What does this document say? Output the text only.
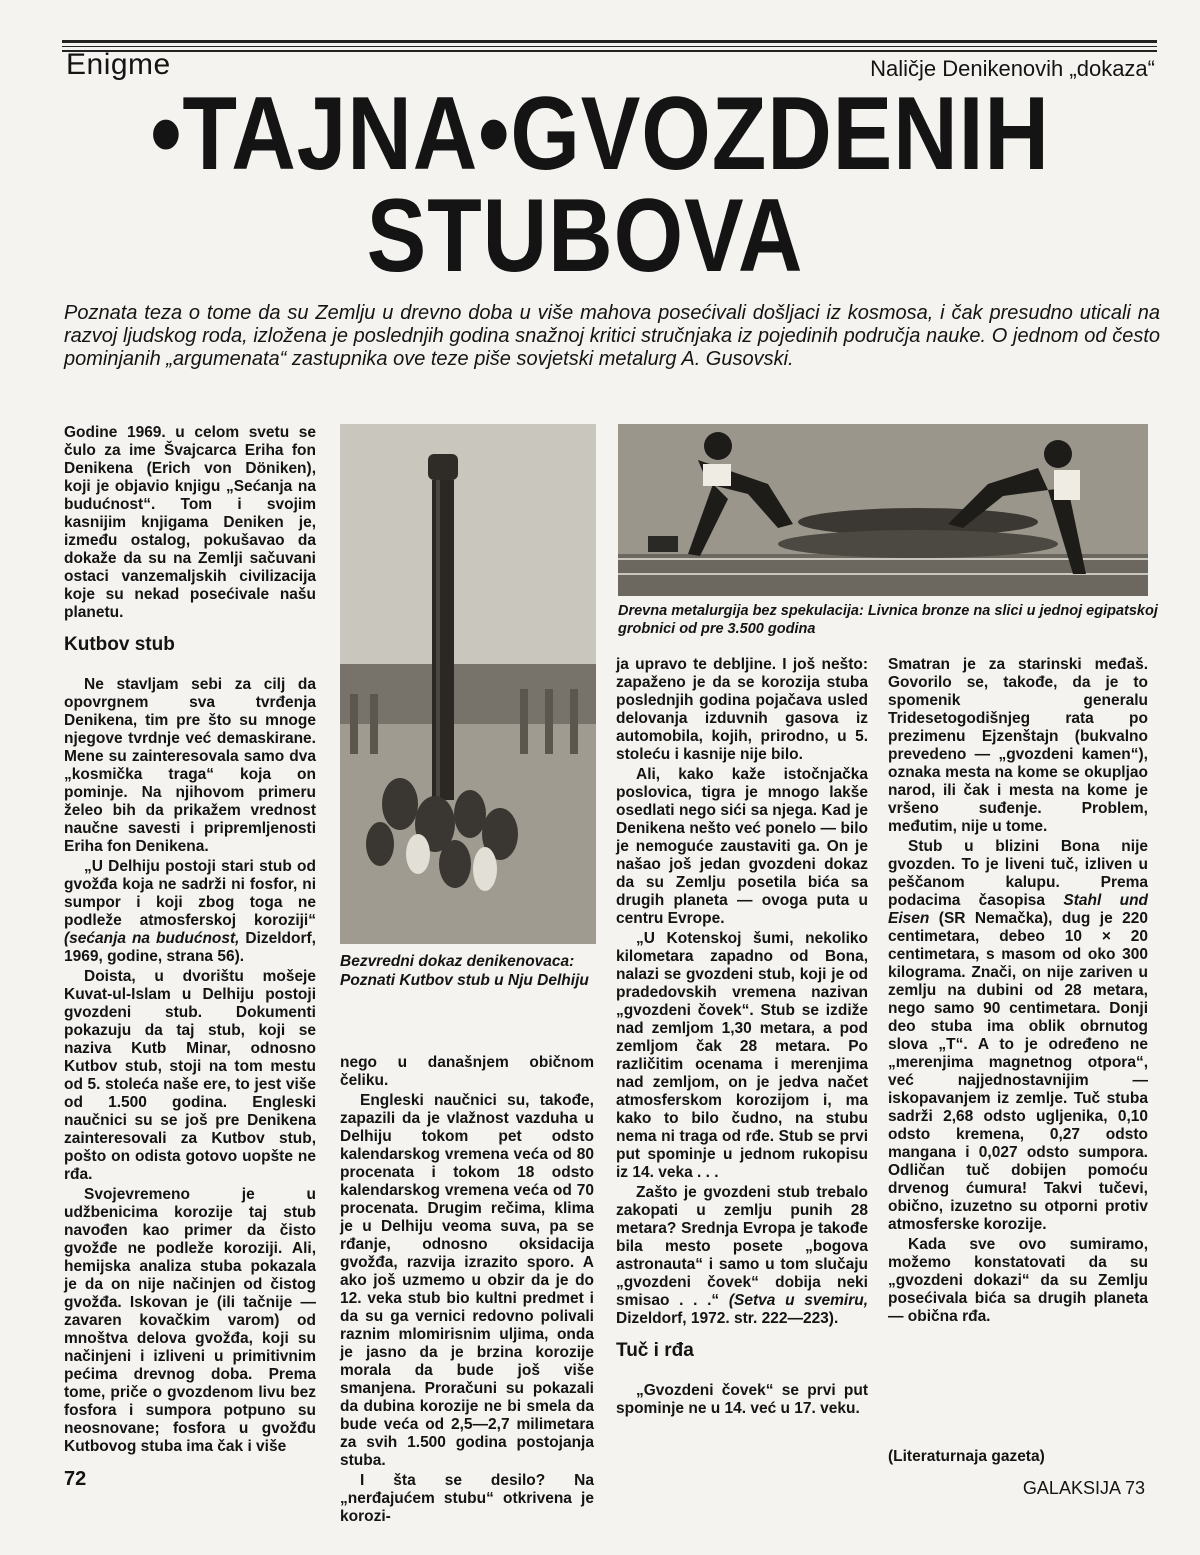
Enigme	Naličje Denikenovih „dokaza“
•TAJNA•GVOZDENIH
STUBOVA
Poznata teza o tome da su Zemlju u drevno doba u više mahova posećivali došljaci iz kosmosa, i čak presudno uticali na razvoj ljudskog roda, izložena je poslednjih godina snažnoj kritici stručnjaka iz pojedinih područja nauke. O jednom od često pominjanih „argumenata“ zastupnika ove teze piše sovjetski metalurg A. Gusovski.

Godine 1969. u celom svetu se čulo za ime Švajcarca Eriha fon Denikena (Erich von Döniken), koji je objavio knjigu „Sećanja na budućnost“. Tom i svojim kasnijim knjigama Deniken je, između ostalog, pokušavao da dokaže da su na Zemlji sačuvani ostaci vanzemaljskih civilizacija koje su nekad posećivale našu planetu.

Kutbov stub

Ne stavljam sebi za cilj da opovrgnem sva tvrđenja Denikena, tim pre što su mnoge njegove tvrdnje već demaskirane. Mene su zainteresovala samo dva „kosmička traga“ koja on pominje. Na njihovom primeru želeo bih da prikažem vrednost naučne savesti i pripremljenosti Eriha fon Denikena.

„U Delhiju postoji stari stub od gvožđa koja ne sadrži ni fosfor, ni sumpor i koji zbog toga ne podleže atmosferskoj koroziji“ (sećanja na budućnost, Dizeldorf, 1969, godine, strana 56).

Doista, u dvorištu mošeje Kuvat-ul-Islam u Delhiju postoji gvozdeni stub. Dokumenti pokazuju da taj stub, koji se naziva Kutb Minar, odnosno Kutbov stub, stoji na tom mestu od 5. stoleća naše ere, to jest više od 1.500 godina. Engleski naučnici su se još pre Denikena zainteresovali za Kutbov stub, pošto on odista gotovo uopšte ne rđa.

Svojevremeno je u udžbenicima korozije taj stub navođen kao primer da čisto gvožđe ne podleže koroziji. Ali, hemijska analiza stuba pokazala je da on nije načinjen od čistog gvožđa. Iskovan je (ili tačnije — zavaren kovačkim varom) od mnoštva delova gvožđa, koji su načinjeni i izliveni u primitivnim pećima drevnog doba. Prema tome, priče o gvozdenom livu bez fosfora i sumpora potpuno su neosnovane; fosfora u gvožđu Kutbovog stuba ima čak i više

Bezvredni dokaz denikenovaca: Poznati Kutbov stub u Nju Delhiju
Drevna metalurgija bez spekulacija: Livnica bronze na slici u jednoj egipatskoj grobnici od pre 3.500 godina

nego u današnjem običnom čeliku.

Engleski naučnici su, takođe, zapazili da je vlažnost vazduha u Delhiju tokom pet odsto kalendarskog vremena veća od 80 procenata i tokom 18 odsto kalendarskog vremena veća od 70 procenata. Drugim rečima, klima je u Delhiju veoma suva, pa se rđanje, odnosno oksidacija gvožđa, razvija izrazito sporo. A ako još uzmemo u obzir da je do 12. veka stub bio kultni predmet i da su ga vernici redovno polivali raznim mlomirisnim uljima, onda je jasno da je brzina korozije morala da bude još više smanjena. Proračuni su pokazali da dubina korozije ne bi smela da bude veća od 2,5—2,7 milimetara za svih 1.500 godina postojanja stuba.

I šta se desilo? Na „nerđajućem stubu“ otkrivena je korozi-

ja upravo te debljine. I još nešto: zapaženo je da se korozija stuba poslednjih godina pojačava usled delovanja izduvnih gasova iz automobila, kojih, prirodno, u 5. stoleću i kasnije nije bilo.

Ali, kako kaže istočnjačka poslovica, tigra je mnogo lakše osedlati nego sići sa njega. Kad je Denikena nešto već ponelo — bilo je nemoguće zaustaviti ga. On je našao još jedan gvozdeni dokaz da su Zemlju posetila bića sa drugih planeta — ovoga puta u centru Evrope.

„U Kotenskoj šumi, nekoliko kilometara zapadno od Bona, nalazi se gvozdeni stub, koji je od pradedovskih vremena nazivan „gvozdeni čovek“. Stub se izdiže nad zemljom 1,30 metara, a pod zemljom čak 28 metara. Po različitim ocenama i merenjima nad zemljom, on je jedva načet atmosferskom korozijom i, ma kako to bilo čudno, na stubu nema ni traga od rđe. Stub se prvi put spominje u jednom rukopisu iz 14. veka . . .

Zašto je gvozdeni stub trebalo zakopati u zemlju punih 28 metara? Srednja Evropa je takođe bila mesto posete „bogova astronauta“ i samo u tom slučaju „gvozdeni čovek“ dobija neki smisao . . .“ (Setva u svemiru, Dizeldorf, 1972. str. 222—223).

Tuč i rđa

„Gvozdeni čovek“ se prvi put spominje ne u 14. već u 17. veku.

Smatran je za starinski međaš. Govorilo se, takođe, da je to spomenik generalu Tridesetogodišnjeg rata po prezimenu Ejzenštajn (bukvalno prevedeno — „gvozdeni kamen“), oznaka mesta na kome se okupljao narod, ili čak i mesta na kome je vršeno suđenje. Problem, međutim, nije u tome.

Stub u blizini Bona nije gvozden. To je liveni tuč, izliven u peščanom kalupu. Prema podacima časopisa Stahl und Eisen (SR Nemačka), dug je 220 centimetara, debeo 10 × 20 centimetara, s masom od oko 300 kilograma. Znači, on nije zariven u zemlju na dubini od 28 metara, nego samo 90 centimetara. Donji deo stuba ima oblik obrnutog slova „T“. A to je određeno ne „merenjima magnetnog otpora“, već najjednostavnijim — iskopavanjem iz zemlje. Tuč stuba sadrži 2,68 odsto ugljenika, 0,10 odsto kremena, 0,27 odsto mangana i 0,027 odsto sumpora. Odličan tuč dobijen pomoću drvenog ćumura! Takvi tučevi, obično, izuzetno su otporni protiv atmosferske korozije.

Kada sve ovo sumiramo, možemo konstatovati da su „gvozdeni dokazi“ da su Zemlju posećivala bića sa drugih planeta — obična rđa.

(Literaturnaja gazeta)
72	GALAKSIJA 73
